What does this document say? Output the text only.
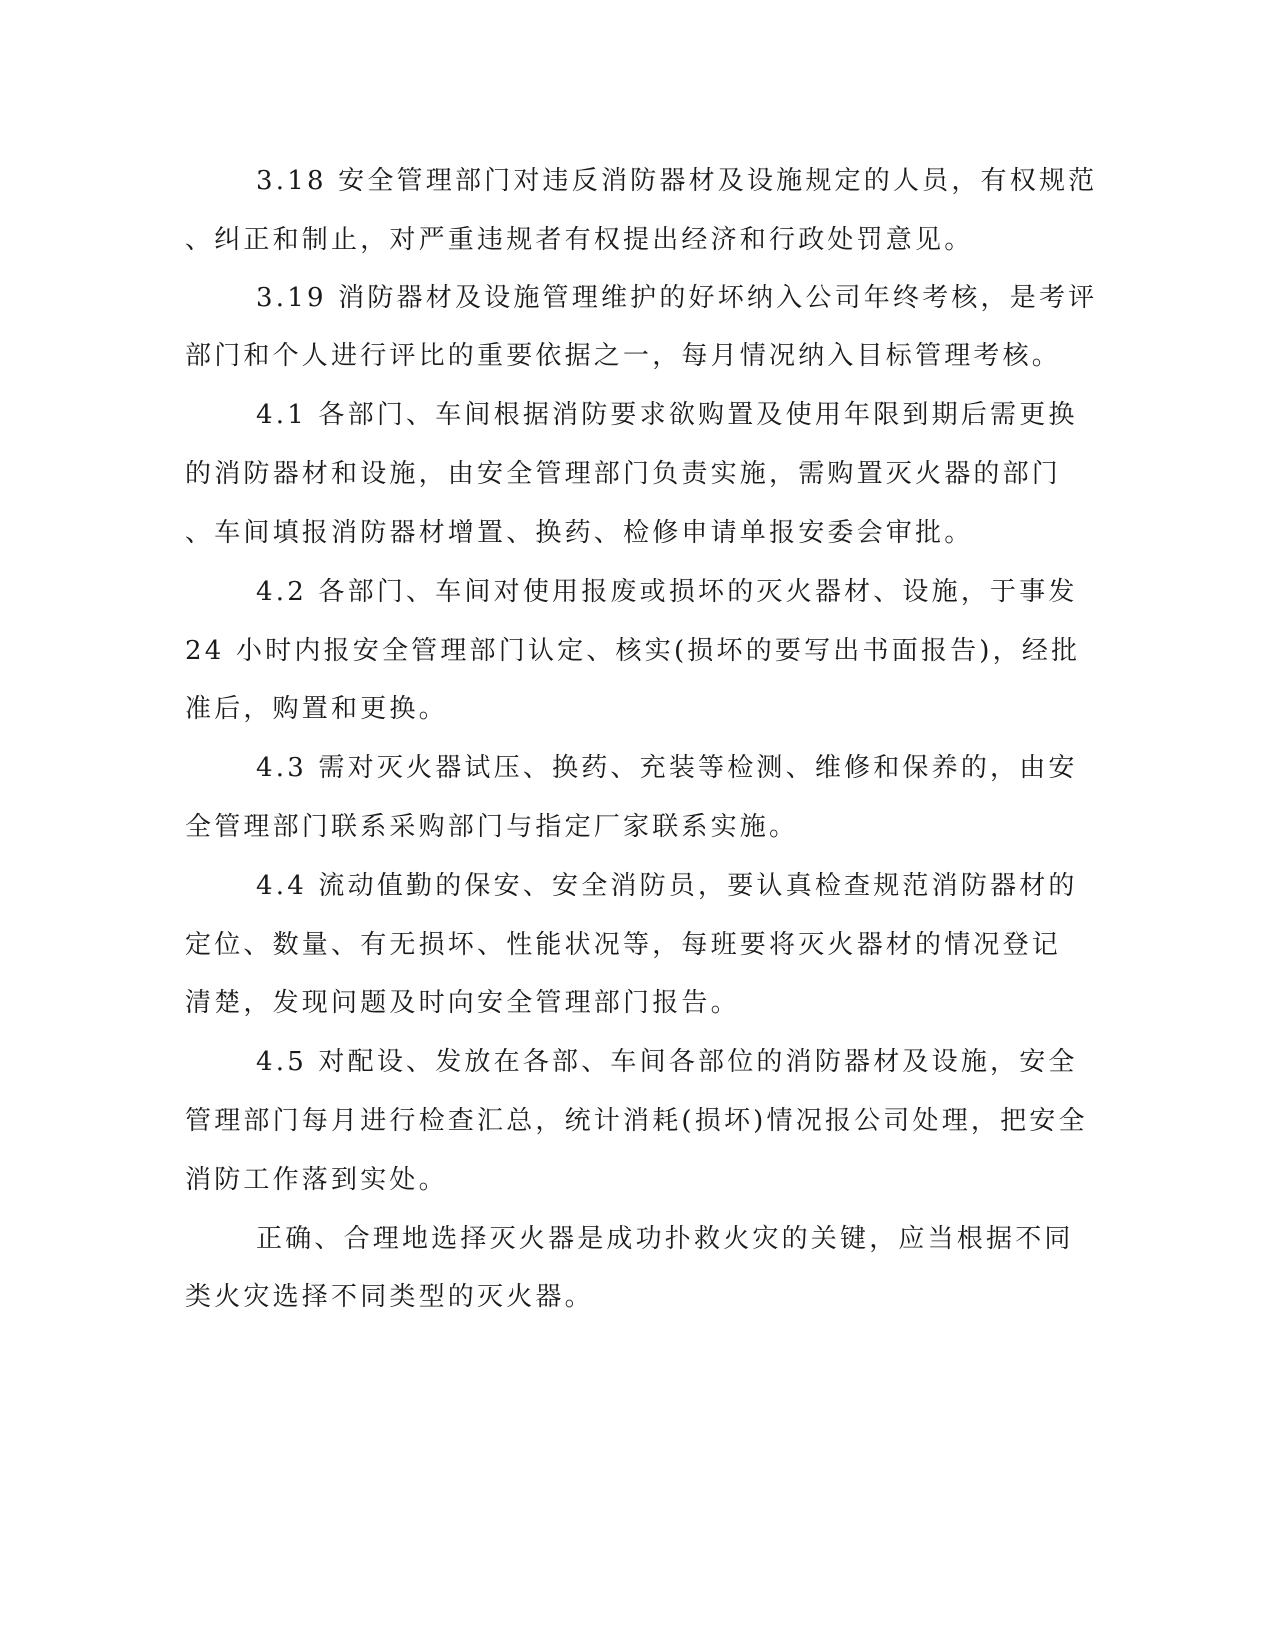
3.18 安全管理部门对违反消防器材及设施规定的人员，有权规范
、纠正和制止，对严重违规者有权提出经济和行政处罚意见。
3.19 消防器材及设施管理维护的好坏纳入公司年终考核，是考评
部门和个人进行评比的重要依据之一，每月情况纳入目标管理考核。
4.1 各部门、车间根据消防要求欲购置及使用年限到期后需更换
的消防器材和设施，由安全管理部门负责实施，需购置灭火器的部门
、车间填报消防器材增置、换药、检修申请单报安委会审批。
4.2 各部门、车间对使用报废或损坏的灭火器材、设施，于事发
24 小时内报安全管理部门认定、核实(损坏的要写出书面报告)，经批
准后，购置和更换。
4.3 需对灭火器试压、换药、充装等检测、维修和保养的，由安
全管理部门联系采购部门与指定厂家联系实施。
4.4 流动值勤的保安、安全消防员，要认真检查规范消防器材的
定位、数量、有无损坏、性能状况等，每班要将灭火器材的情况登记
清楚，发现问题及时向安全管理部门报告。
4.5 对配设、发放在各部、车间各部位的消防器材及设施，安全
管理部门每月进行检查汇总，统计消耗(损坏)情况报公司处理，把安全
消防工作落到实处。
正确、合理地选择灭火器是成功扑救火灾的关键，应当根据不同
类火灾选择不同类型的灭火器。
